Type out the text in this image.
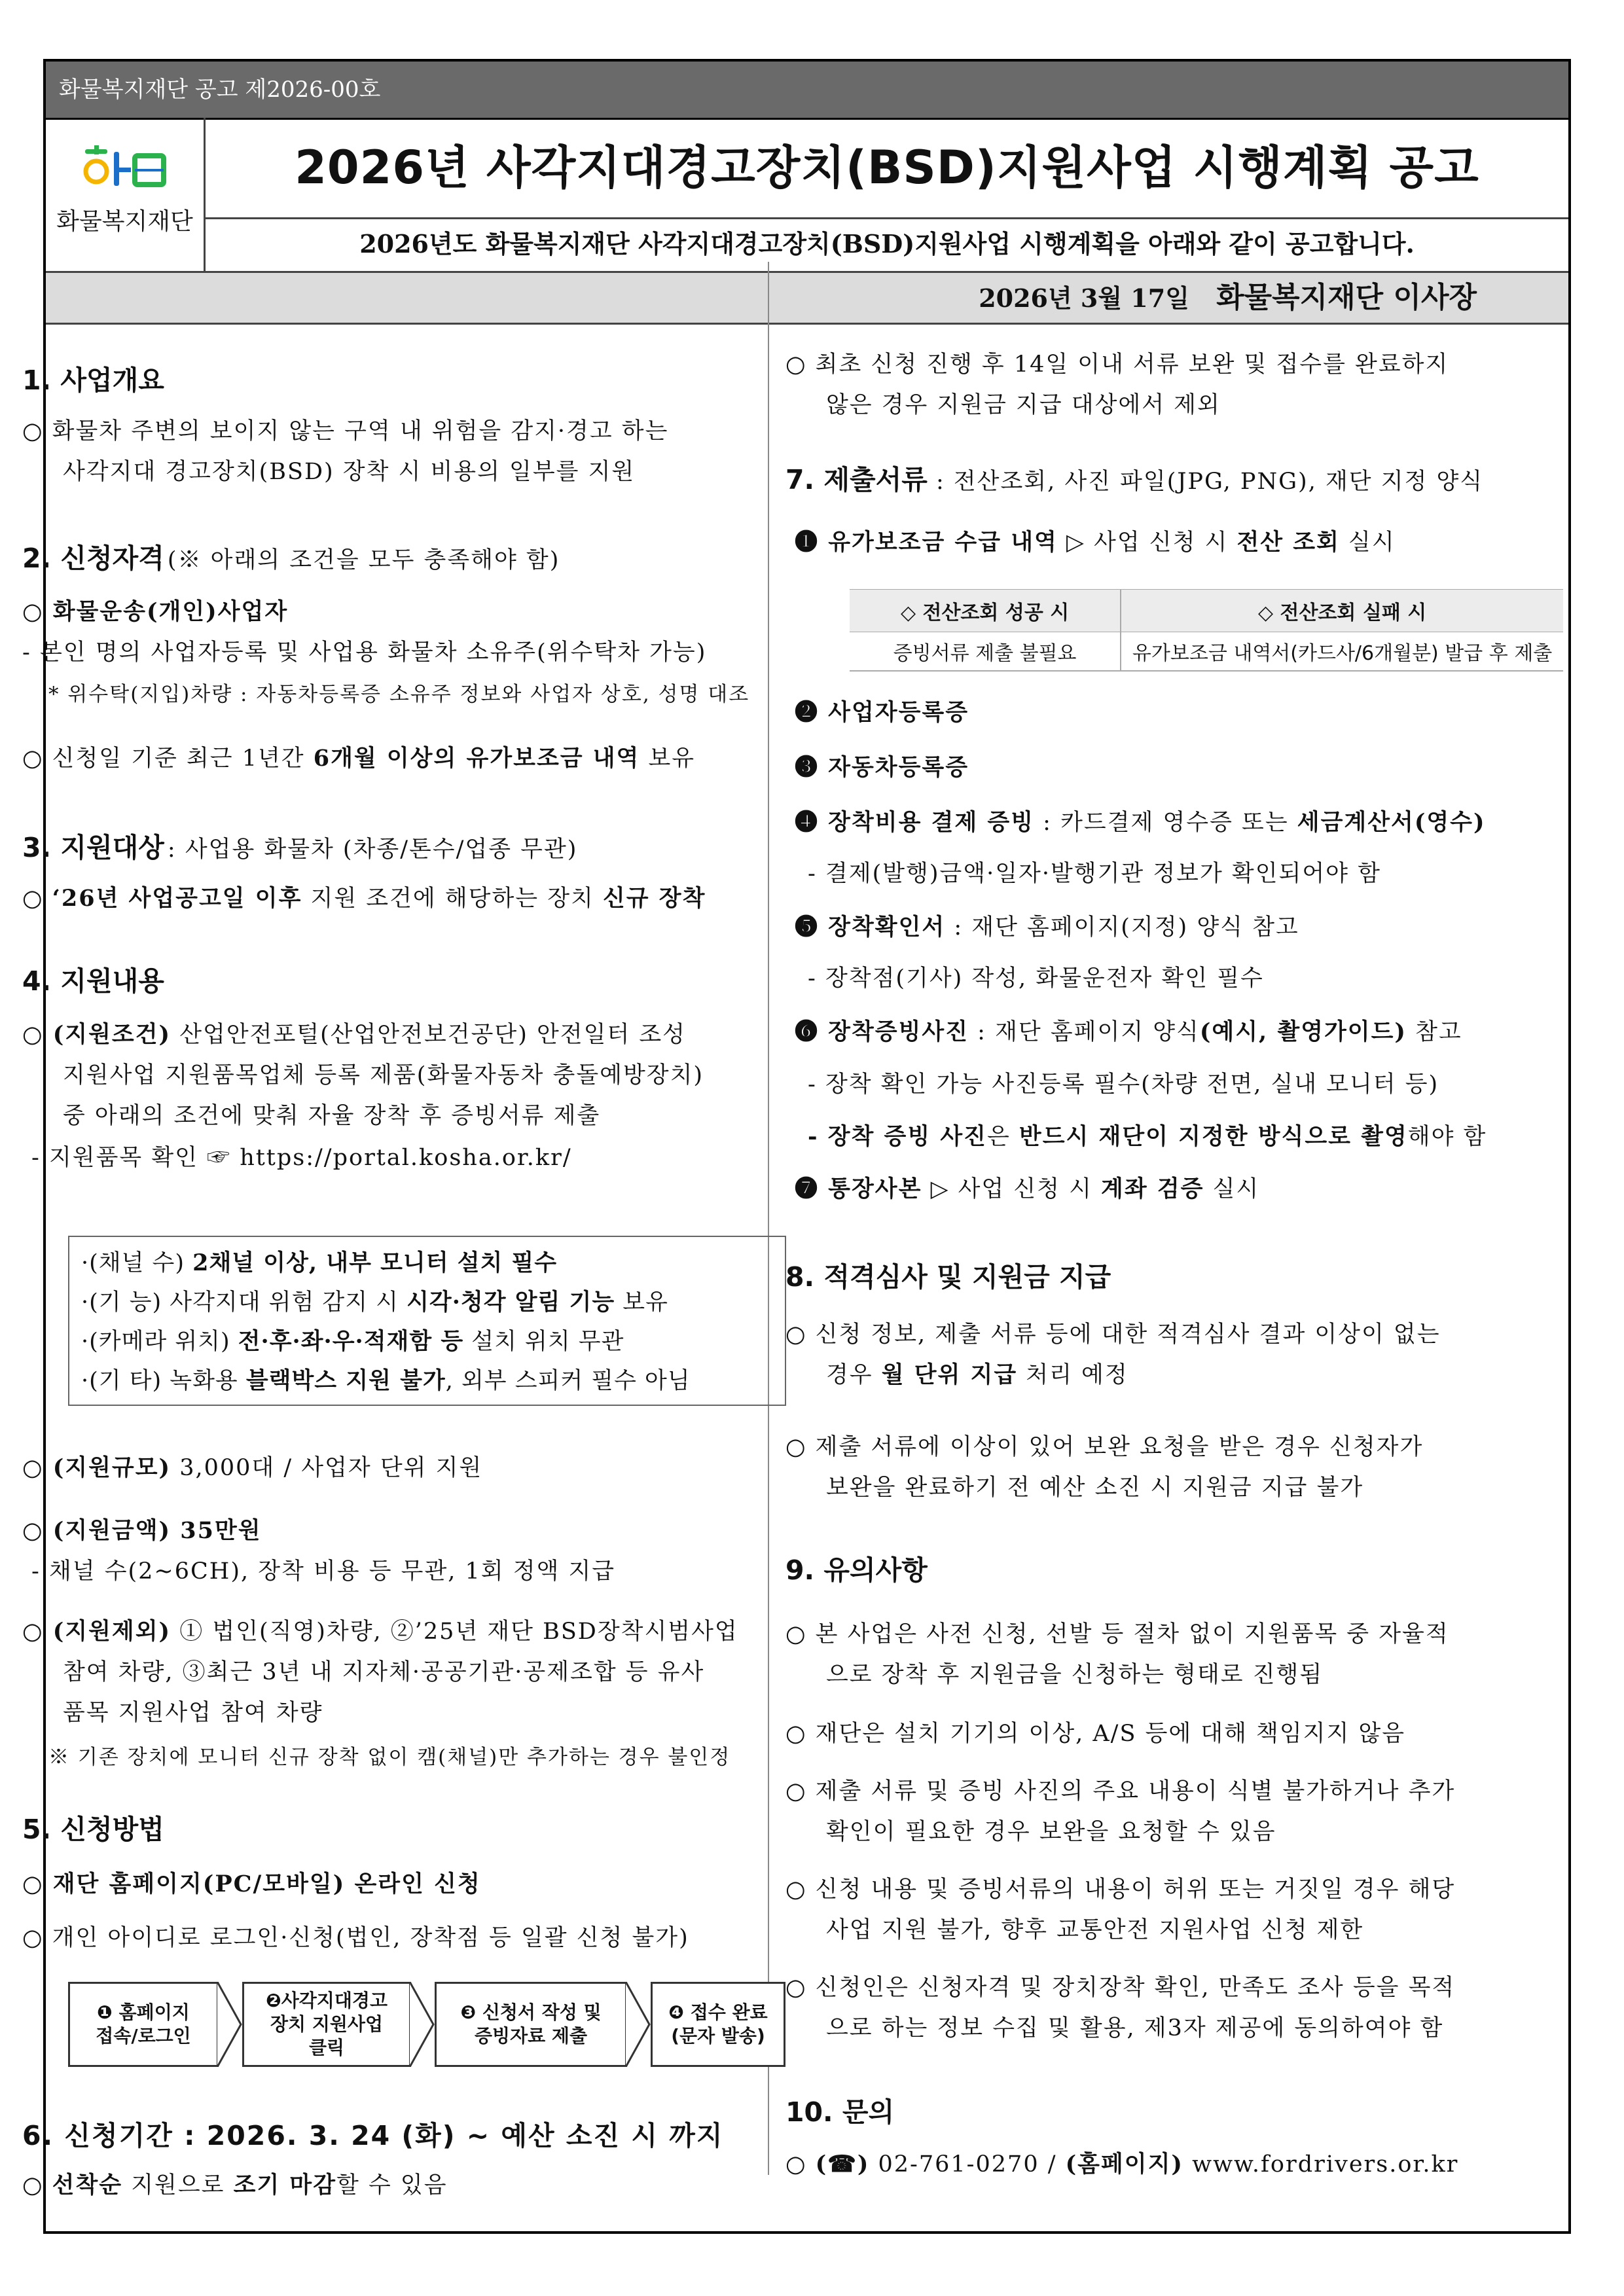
화물복지재단 공고 제2026-00호
화물복지재단
2026년 사각지대경고장치(BSD)지원사업 시행계획 공고
2026년도 화물복지재단 사각지대경고장치(BSD)지원사업 시행계획을 아래와 같이 공고합니다.
2026년 3월 17일 화물복지재단 이사장
1. 사업개요
○ 화물차 주변의 보이지 않는 구역 내 위험을 감지·경고 하는
사각지대 경고장치(BSD) 장착 시 비용의 일부를 지원
2. 신청자격 (※ 아래의 조건을 모두 충족해야 함)
○ 화물운송(개인)사업자
- 본인 명의 사업자등록 및 사업용 화물차 소유주(위수탁차 가능)
* 위수탁(지입)차량 : 자동차등록증 소유주 정보와 사업자 상호, 성명 대조
○ 신청일 기준 최근 1년간 6개월 이상의 유가보조금 내역 보유
3. 지원대상 : 사업용 화물차 (차종/톤수/업종 무관)
○ ‘26년 사업공고일 이후 지원 조건에 해당하는 장치 신규 장착
4. 지원내용
○ (지원조건) 산업안전포털(산업안전보건공단) 안전일터 조성
지원사업 지원품목업체 등록 제품(화물자동차 충돌예방장치)
중 아래의 조건에 맞춰 자율 장착 후 증빙서류 제출
- 지원품목 확인 ☞ https://portal.kosha.or.kr/
·(채널 수) 2채널 이상, 내부 모니터 설치 필수
·(기 능) 사각지대 위험 감지 시 시각·청각 알림 기능 보유
·(카메라 위치) 전·후·좌·우·적재함 등 설치 위치 무관
·(기 타) 녹화용 블랙박스 지원 불가, 외부 스피커 필수 아님
○ (지원규모) 3,000대 / 사업자 단위 지원
○ (지원금액) 35만원
- 채널 수(2~6CH), 장착 비용 등 무관, 1회 정액 지급
○ (지원제외) ① 법인(직영)차량, ②’25년 재단 BSD장착시범사업
참여 차량, ③최근 3년 내 지자체·공공기관·공제조합 등 유사
품목 지원사업 참여 차량
※ 기존 장치에 모니터 신규 장착 없이 캠(채널)만 추가하는 경우 불인정
5. 신청방법
○ 재단 홈페이지(PC/모바일) 온라인 신청
○ 개인 아이디로 로그인·신청(법인, 장착점 등 일괄 신청 불가)
❶ 홈페이지
접속/로그인
❷사각지대경고
장치 지원사업
클릭
❸ 신청서 작성 및
증빙자료 제출
❹ 접수 완료
(문자 발송)
6. 신청기간 : 2026. 3. 24 (화) ~ 예산 소진 시 까지
○ 선착순 지원으로 조기 마감할 수 있음
○ 최초 신청 진행 후 14일 이내 서류 보완 및 접수를 완료하지
않은 경우 지원금 지급 대상에서 제외
7. 제출서류 : 전산조회, 사진 파일(JPG, PNG), 재단 지정 양식
❶ 유가보조금 수급 내역 ▷ 사업 신청 시 전산 조회 실시
◇ 전산조회 성공 시	◇ 전산조회 실패 시
증빙서류 제출 불필요	유가보조금 내역서(카드사/6개월분) 발급 후 제출
❷ 사업자등록증
❸ 자동차등록증
❹ 장착비용 결제 증빙 : 카드결제 영수증 또는 세금계산서(영수)
- 결제(발행)금액·일자·발행기관 정보가 확인되어야 함
❺ 장착확인서 : 재단 홈페이지(지정) 양식 참고
- 장착점(기사) 작성, 화물운전자 확인 필수
❻ 장착증빙사진 : 재단 홈페이지 양식(예시, 촬영가이드) 참고
- 장착 확인 가능 사진등록 필수(차량 전면, 실내 모니터 등)
- 장착 증빙 사진은 반드시 재단이 지정한 방식으로 촬영해야 함
❼ 통장사본 ▷ 사업 신청 시 계좌 검증 실시
8. 적격심사 및 지원금 지급
○ 신청 정보, 제출 서류 등에 대한 적격심사 결과 이상이 없는
경우 월 단위 지급 처리 예정
○ 제출 서류에 이상이 있어 보완 요청을 받은 경우 신청자가
보완을 완료하기 전 예산 소진 시 지원금 지급 불가
9. 유의사항
○ 본 사업은 사전 신청, 선발 등 절차 없이 지원품목 중 자율적
으로 장착 후 지원금을 신청하는 형태로 진행됨
○ 재단은 설치 기기의 이상, A/S 등에 대해 책임지지 않음
○ 제출 서류 및 증빙 사진의 주요 내용이 식별 불가하거나 추가
확인이 필요한 경우 보완을 요청할 수 있음
○ 신청 내용 및 증빙서류의 내용이 허위 또는 거짓일 경우 해당
사업 지원 불가, 향후 교통안전 지원사업 신청 제한
○ 신청인은 신청자격 및 장치장착 확인, 만족도 조사 등을 목적
으로 하는 정보 수집 및 활용, 제3자 제공에 동의하여야 함
10. 문의
○ (☎) 02-761-0270 / (홈페이지) www.fordrivers.or.kr
